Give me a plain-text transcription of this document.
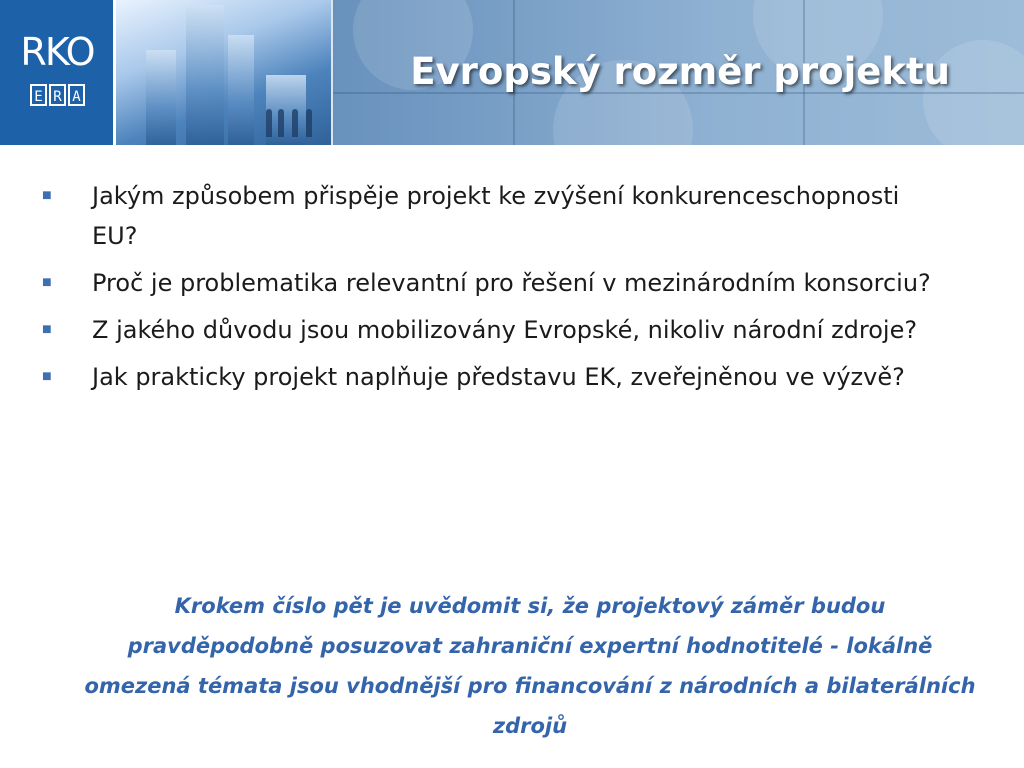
RKO
E R A
Evropský rozměr projektu
■	Jakým způsobem přispěje projekt ke zvýšení konkurenceschopnosti EU?
■	Proč je problematika relevantní pro řešení v mezinárodním konsorciu?
■	Z jakého důvodu jsou mobilizovány Evropské, nikoliv národní zdroje?
■	Jak prakticky projekt naplňuje představu EK, zveřejněnou ve výzvě?
Krokem číslo pět je uvědomit si, že projektový záměr budou pravděpodobně posuzovat zahraniční expertní hodnotitelé - lokálně omezená témata jsou vhodnější pro financování z národních a bilaterálních zdrojů
